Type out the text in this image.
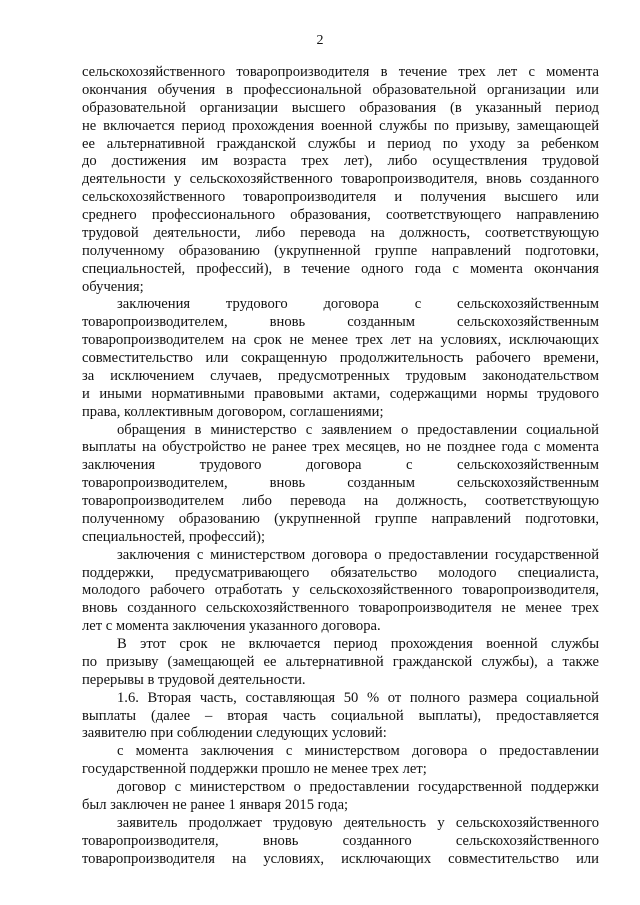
2
сельскохозяйственного товаропроизводителя в течение трех лет с момента
окончания обучения в профессиональной образовательной организации или
образовательной организации высшего образования (в указанный период
не включается период прохождения военной службы по призыву, замещающей
ее альтернативной гражданской службы и период по уходу за ребенком
до достижения им возраста трех лет), либо осуществления трудовой
деятельности у сельскохозяйственного товаропроизводителя, вновь созданного
сельскохозяйственного товаропроизводителя и получения высшего или
среднего профессионального образования, соответствующего направлению
трудовой деятельности, либо перевода на должность, соответствующую
полученному образованию (укрупненной группе направлений подготовки,
специальностей, профессий), в течение одного года с момента окончания
обучения;
заключения трудового договора с сельскохозяйственным
товаропроизводителем, вновь созданным сельскохозяйственным
товаропроизводителем на срок не менее трех лет на условиях, исключающих
совместительство или сокращенную продолжительность рабочего времени,
за исключением случаев, предусмотренных трудовым законодательством
и иными нормативными правовыми актами, содержащими нормы трудового
права, коллективным договором, соглашениями;
обращения в министерство с заявлением о предоставлении социальной
выплаты на обустройство не ранее трех месяцев, но не позднее года с момента
заключения трудового договора с сельскохозяйственным
товаропроизводителем, вновь созданным сельскохозяйственным
товаропроизводителем либо перевода на должность, соответствующую
полученному образованию (укрупненной группе направлений подготовки,
специальностей, профессий);
заключения с министерством договора о предоставлении государственной
поддержки, предусматривающего обязательство молодого специалиста,
молодого рабочего отработать у сельскохозяйственного товаропроизводителя,
вновь созданного сельскохозяйственного товаропроизводителя не менее трех
лет с момента заключения указанного договора.
В этот срок не включается период прохождения военной службы
по призыву (замещающей ее альтернативной гражданской службы), а также
перерывы в трудовой деятельности.
1.6. Вторая часть, составляющая 50 % от полного размера социальной
выплаты (далее – вторая часть социальной выплаты), предоставляется
заявителю при соблюдении следующих условий:
с момента заключения с министерством договора о предоставлении
государственной поддержки прошло не менее трех лет;
договор с министерством о предоставлении государственной поддержки
был заключен не ранее 1 января 2015 года;
заявитель продолжает трудовую деятельность у сельскохозяйственного
товаропроизводителя, вновь созданного сельскохозяйственного
товаропроизводителя на условиях, исключающих совместительство или
